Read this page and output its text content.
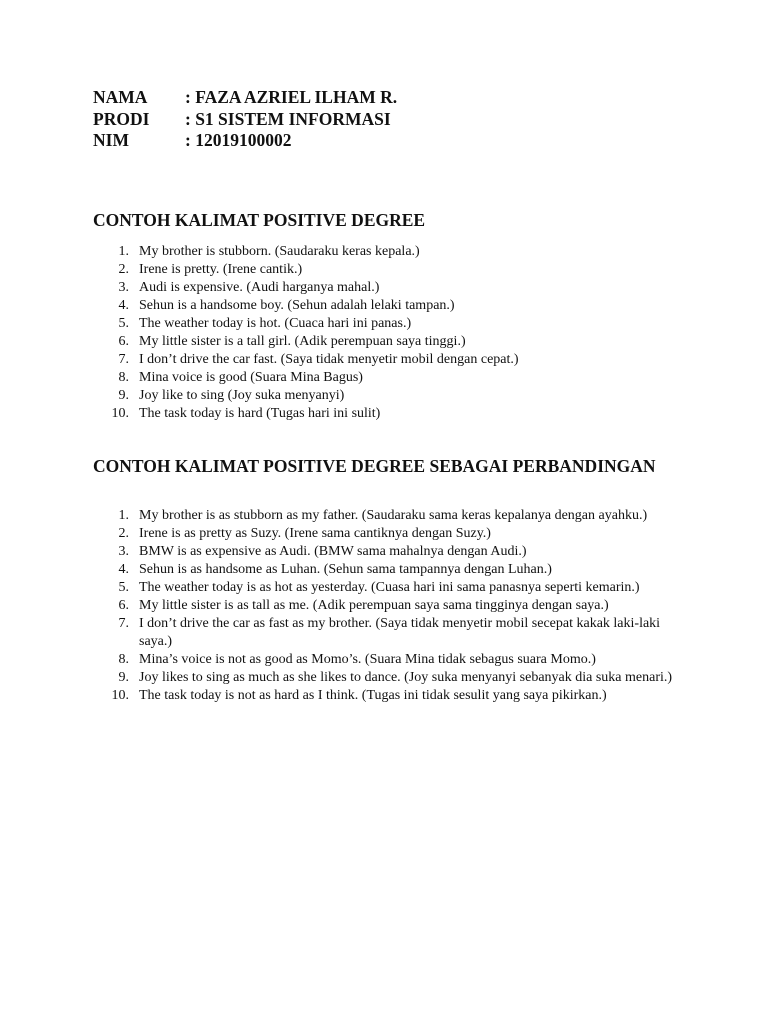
NAMA	: FAZA AZRIEL ILHAM R.
PRODI	: S1 SISTEM INFORMASI
NIM	: 12019100002
CONTOH KALIMAT POSITIVE DEGREE
1. My brother is stubborn. (Saudaraku keras kepala.)
2. Irene is pretty. (Irene cantik.)
3. Audi is expensive. (Audi harganya mahal.)
4. Sehun is a handsome boy. (Sehun adalah lelaki tampan.)
5. The weather today is hot. (Cuaca hari ini panas.)
6. My little sister is a tall girl. (Adik perempuan saya tinggi.)
7. I don’t drive the car fast. (Saya tidak menyetir mobil dengan cepat.)
8. Mina voice is good (Suara Mina Bagus)
9. Joy like to sing (Joy suka menyanyi)
10. The task today is hard (Tugas hari ini sulit)
CONTOH KALIMAT POSITIVE DEGREE SEBAGAI PERBANDINGAN
1. My brother is as stubborn as my father. (Saudaraku sama keras kepalanya dengan ayahku.)
2. Irene is as pretty as Suzy. (Irene sama cantiknya dengan Suzy.)
3. BMW is as expensive as Audi. (BMW sama mahalnya dengan Audi.)
4. Sehun is as handsome as Luhan. (Sehun sama tampannya dengan Luhan.)
5. The weather today is as hot as yesterday. (Cuasa hari ini sama panasnya seperti kemarin.)
6. My little sister is as tall as me. (Adik perempuan saya sama tingginya dengan saya.)
7. I don’t drive the car as fast as my brother. (Saya tidak menyetir mobil secepat kakak laki-laki saya.)
8. Mina’s voice is not as good as Momo’s. (Suara Mina tidak sebagus suara Momo.)
9. Joy likes to sing as much as she likes to dance. (Joy suka menyanyi sebanyak dia suka menari.)
10. The task today is not as hard as I think. (Tugas ini tidak sesulit yang saya pikirkan.)
